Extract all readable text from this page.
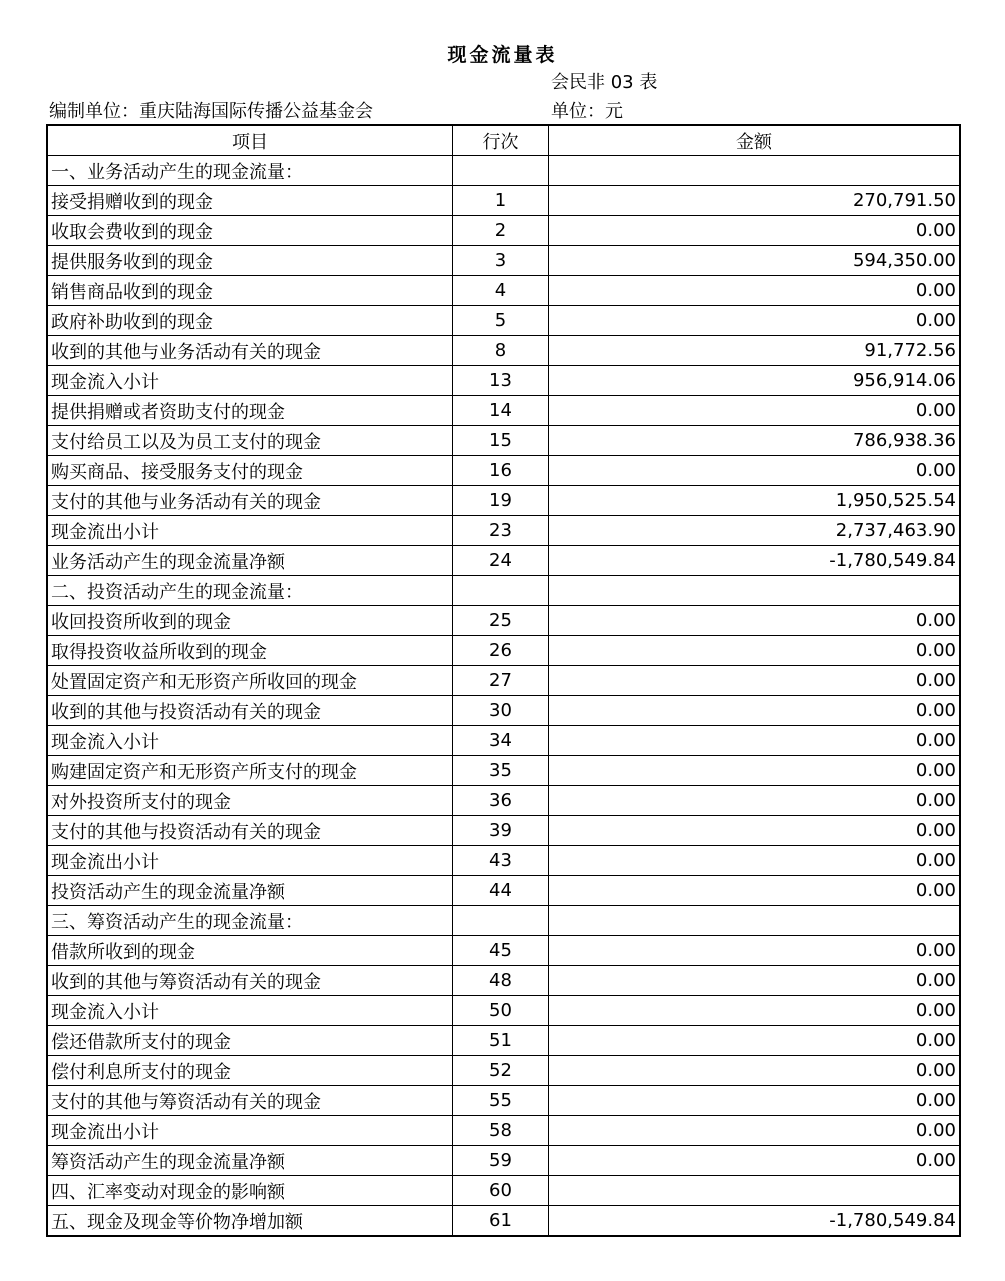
现金流量表
会民非 03 表
编制单位：重庆陆海国际传播公益基金会	单位：元
项目	行次	金额
一、业务活动产生的现金流量：		
接受捐赠收到的现金	1	270,791.50
收取会费收到的现金	2	0.00
提供服务收到的现金	3	594,350.00
销售商品收到的现金	4	0.00
政府补助收到的现金	5	0.00
收到的其他与业务活动有关的现金	8	91,772.56
现金流入小计	13	956,914.06
提供捐赠或者资助支付的现金	14	0.00
支付给员工以及为员工支付的现金	15	786,938.36
购买商品、接受服务支付的现金	16	0.00
支付的其他与业务活动有关的现金	19	1,950,525.54
现金流出小计	23	2,737,463.90
业务活动产生的现金流量净额	24	-1,780,549.84
二、投资活动产生的现金流量：		
收回投资所收到的现金	25	0.00
取得投资收益所收到的现金	26	0.00
处置固定资产和无形资产所收回的现金	27	0.00
收到的其他与投资活动有关的现金	30	0.00
现金流入小计	34	0.00
购建固定资产和无形资产所支付的现金	35	0.00
对外投资所支付的现金	36	0.00
支付的其他与投资活动有关的现金	39	0.00
现金流出小计	43	0.00
投资活动产生的现金流量净额	44	0.00
三、筹资活动产生的现金流量：		
借款所收到的现金	45	0.00
收到的其他与筹资活动有关的现金	48	0.00
现金流入小计	50	0.00
偿还借款所支付的现金	51	0.00
偿付利息所支付的现金	52	0.00
支付的其他与筹资活动有关的现金	55	0.00
现金流出小计	58	0.00
筹资活动产生的现金流量净额	59	0.00
四、汇率变动对现金的影响额	60	
五、现金及现金等价物净增加额	61	-1,780,549.84
